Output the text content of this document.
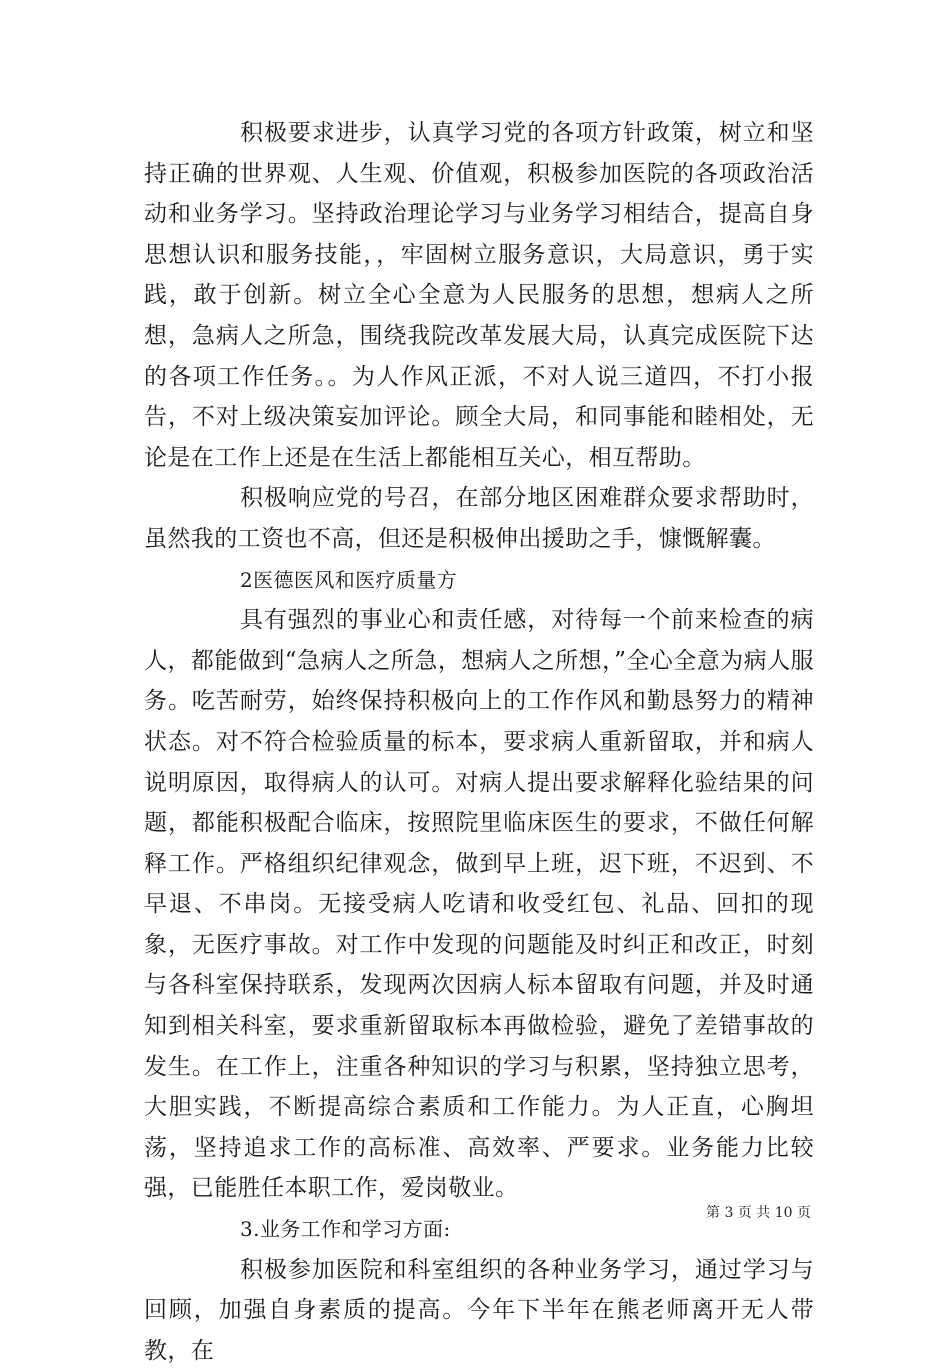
积极要求进步，认真学习党的各项方针政策，树立和坚持正确的世界观、人生观、价值观，积极参加医院的各项政治活动和业务学习。坚持政治理论学习与业务学习相结合，提高自身思想认识和服务技能，，牢固树立服务意识，大局意识，勇于实践，敢于创新。树立全心全意为人民服务的思想，想病人之所想，急病人之所急，围绕我院改革发展大局，认真完成医院下达的各项工作任务。。为人作风正派，不对人说三道四，不打小报告，不对上级决策妄加评论。顾全大局，和同事能和睦相处，无论是在工作上还是在生活上都能相互关心，相互帮助。

积极响应党的号召，在部分地区困难群众要求帮助时，虽然我的工资也不高，但还是积极伸出援助之手，慷慨解囊。

2医德医风和医疗质量方

具有强烈的事业心和责任感，对待每一个前来检查的病人，都能做到“急病人之所急，想病人之所想，”全心全意为病人服务。吃苦耐劳，始终保持积极向上的工作作风和勤恳努力的精神状态。对不符合检验质量的标本，要求病人重新留取，并和病人说明原因，取得病人的认可。对病人提出要求解释化验结果的问题，都能积极配合临床，按照院里临床医生的要求，不做任何解释工作。严格组织纪律观念，做到早上班，迟下班，不迟到、不早退、不串岗。无接受病人吃请和收受红包、礼品、回扣的现象，无医疗事故。对工作中发现的问题能及时纠正和改正，时刻与各科室保持联系，发现两次因病人标本留取有问题，并及时通知到相关科室，要求重新留取标本再做检验，避免了差错事故的发生。在工作上，注重各种知识的学习与积累，坚持独立思考，大胆实践，不断提高综合素质和工作能力。为人正直，心胸坦荡，坚持追求工作的高标准、高效率、严要求。业务能力比较强，已能胜任本职工作，爱岗敬业。

3.业务工作和学习方面:

积极参加医院和科室组织的各种业务学习，通过学习与回顾，加强自身素质的提高。今年下半年在熊老师离开无人带教，在

第 3 页 共 10 页
